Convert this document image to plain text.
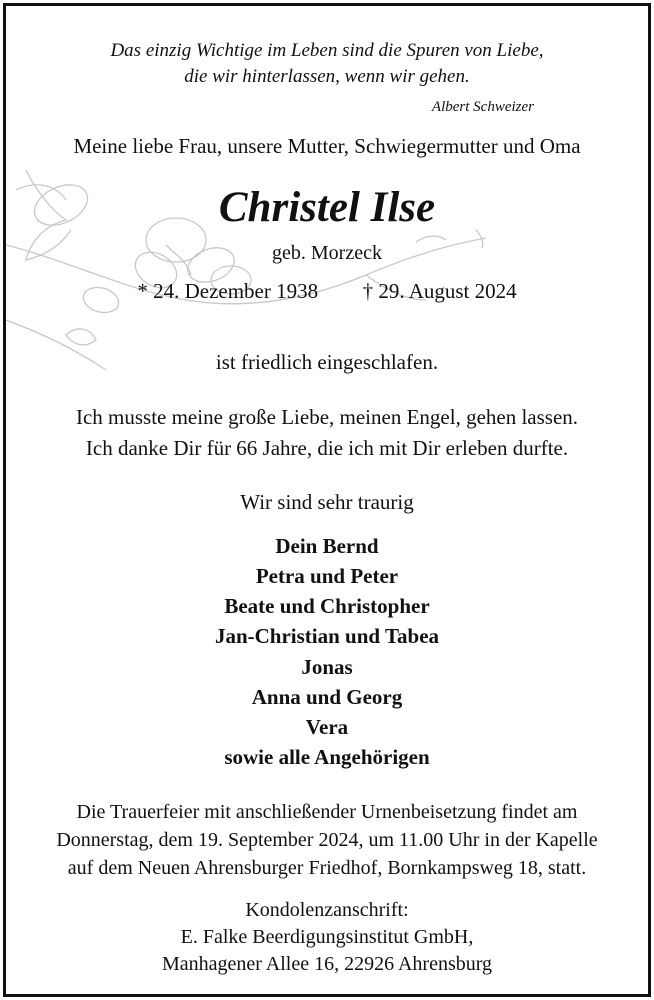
Das einzig Wichtige im Leben sind die Spuren von Liebe,
die wir hinterlassen, wenn wir gehen.
Albert Schweizer
Meine liebe Frau, unsere Mutter, Schwiegermutter und Oma
Christel Ilse
geb. Morzeck
* 24. Dezember 1938 † 29. August 2024
ist friedlich eingeschlafen.
Ich musste meine große Liebe, meinen Engel, gehen lassen.
Ich danke Dir für 66 Jahre, die ich mit Dir erleben durfte.
Wir sind sehr traurig
Dein Bernd
Petra und Peter
Beate und Christopher
Jan-Christian und Tabea
Jonas
Anna und Georg
Vera
sowie alle Angehörigen
Die Trauerfeier mit anschließender Urnenbeisetzung findet am
Donnerstag, dem 19. September 2024, um 11.00 Uhr in der Kapelle
auf dem Neuen Ahrensburger Friedhof, Bornkampsweg 18, statt.
Kondolenzanschrift:
E. Falke Beerdigungsinstitut GmbH,
Manhagener Allee 16, 22926 Ahrensburg
